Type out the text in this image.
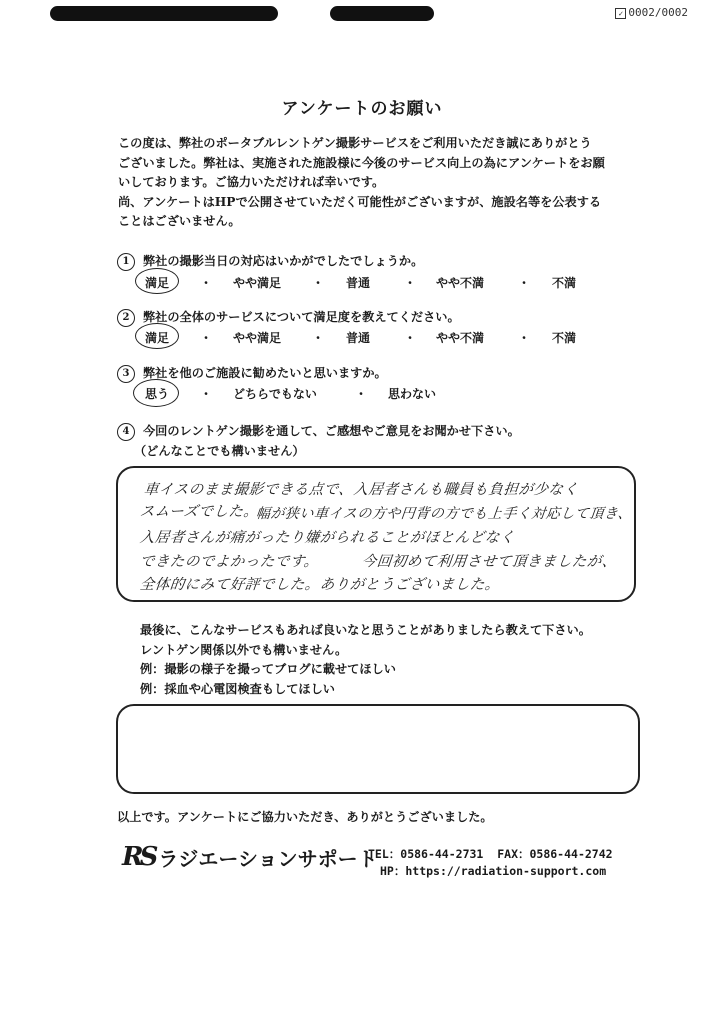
✓ 0002/0002
アンケートのお願い

この度は、弊社のポータブルレントゲン撮影サービスをご利用いただき誠にありがとう

ございました。弊社は、実施された施設様に今後のサービス向上の為にアンケートをお願

いしております。ご協力いただければ幸いです。

尚、アンケートはHPで公開させていただく可能性がございますが、施設名等を公表する

ことはございません。

1 弊社の撮影当日の対応はいかがでしたでしょうか。
満足	・ やや満足	・ 普通	・ やや不満	・ 不満
2 弊社の全体のサービスについて満足度を教えてください。
満足	・ やや満足	・ 普通	・ やや不満	・ 不満
3 弊社を他のご施設に勧めたいと思いますか。
思う	・ どちらでもない	・ 思わない
4 今回のレントゲン撮影を通して、ご感想やご意見をお聞かせ下さい。
（どんなことでも構いません）
車イスのまま撮影できる点で、入居者さんも職員も負担が少なく
スムーズでした。
幅が狭い車イスの方や円背の方でも上手く対応して頂き、
入居者さんが痛がったり嫌がられることがほとんどなく
できたのでよかったです。	今回初めて利用させて頂きましたが、
全体的にみて好評でした。ありがとうございました。

最後に、こんなサービスもあれば良いなと思うことがありましたら教えて下さい。

レントゲン関係以外でも構いません。

例：撮影の様子を撮ってブログに載せてほしい

例：採血や心電図検査もしてほしい

以上です。アンケートにご協力いただき、ありがとうございました。
RS ラジエーションサポート
TEL：0586-44-2731 FAX：0586-44-2742
HP：https://radiation-support.com
